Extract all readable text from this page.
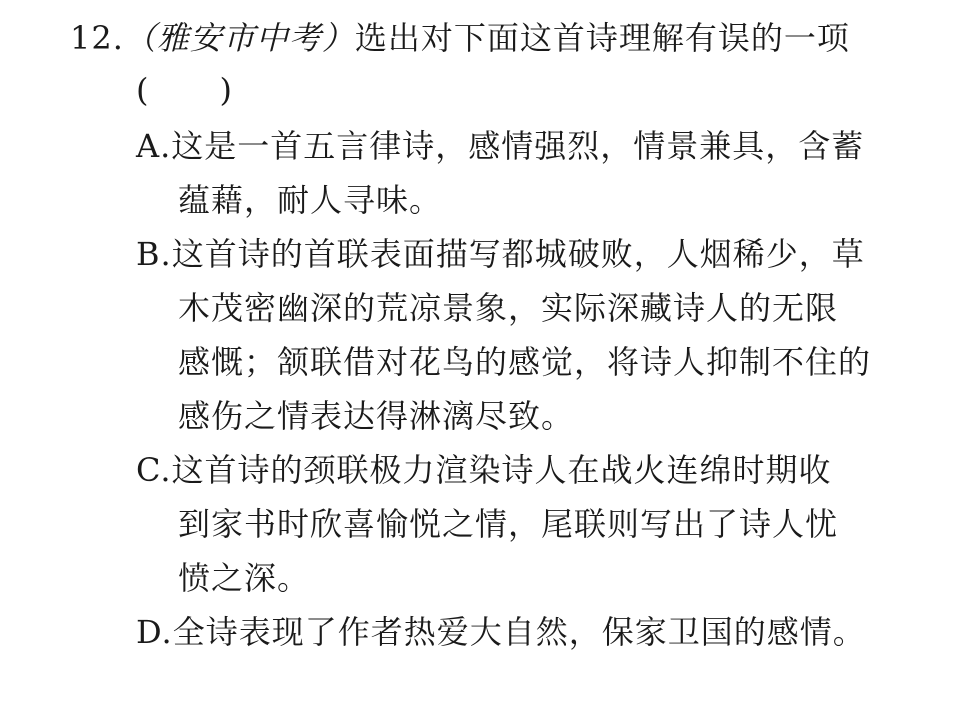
12.（雅安市中考）选出对下面这首诗理解有误的一项
( )
A.这是一首五言律诗，感情强烈，情景兼具，含蓄
蕴藉，耐人寻味。
B.这首诗的首联表面描写都城破败，人烟稀少，草
木茂密幽深的荒凉景象，实际深藏诗人的无限
感慨；颔联借对花鸟的感觉，将诗人抑制不住的
感伤之情表达得淋漓尽致。
C.这首诗的颈联极力渲染诗人在战火连绵时期收
到家书时欣喜愉悦之情，尾联则写出了诗人忧
愤之深。
D.全诗表现了作者热爱大自然，保家卫国的感情。
